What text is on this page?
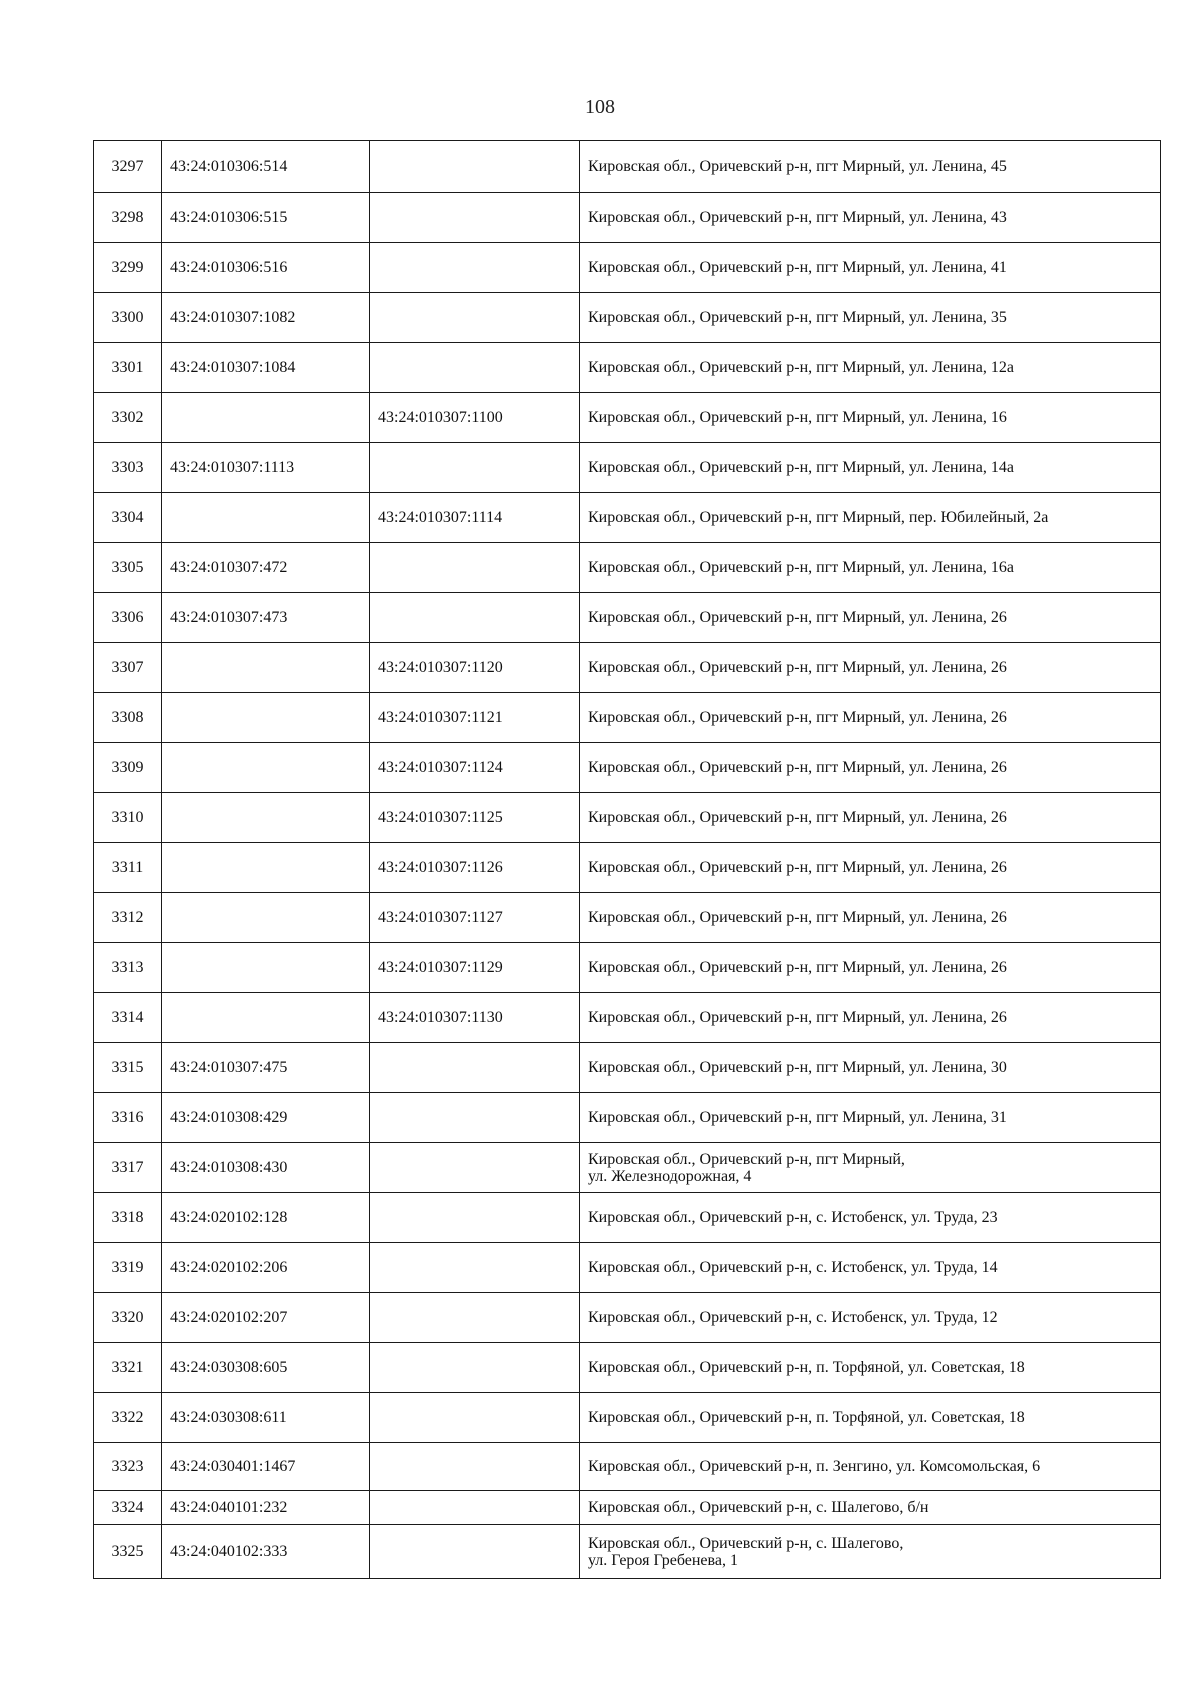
108
3297	43:24:010306:514		Кировская обл., Оричевский р-н, пгт Мирный, ул. Ленина, 45
3298	43:24:010306:515		Кировская обл., Оричевский р-н, пгт Мирный, ул. Ленина, 43
3299	43:24:010306:516		Кировская обл., Оричевский р-н, пгт Мирный, ул. Ленина, 41
3300	43:24:010307:1082		Кировская обл., Оричевский р-н, пгт Мирный, ул. Ленина, 35
3301	43:24:010307:1084		Кировская обл., Оричевский р-н, пгт Мирный, ул. Ленина, 12а
3302		43:24:010307:1100	Кировская обл., Оричевский р-н, пгт Мирный, ул. Ленина, 16
3303	43:24:010307:1113		Кировская обл., Оричевский р-н, пгт Мирный, ул. Ленина, 14а
3304		43:24:010307:1114	Кировская обл., Оричевский р-н, пгт Мирный, пер. Юбилейный, 2а
3305	43:24:010307:472		Кировская обл., Оричевский р-н, пгт Мирный, ул. Ленина, 16а
3306	43:24:010307:473		Кировская обл., Оричевский р-н, пгт Мирный, ул. Ленина, 26
3307		43:24:010307:1120	Кировская обл., Оричевский р-н, пгт Мирный, ул. Ленина, 26
3308		43:24:010307:1121	Кировская обл., Оричевский р-н, пгт Мирный, ул. Ленина, 26
3309		43:24:010307:1124	Кировская обл., Оричевский р-н, пгт Мирный, ул. Ленина, 26
3310		43:24:010307:1125	Кировская обл., Оричевский р-н, пгт Мирный, ул. Ленина, 26
3311		43:24:010307:1126	Кировская обл., Оричевский р-н, пгт Мирный, ул. Ленина, 26
3312		43:24:010307:1127	Кировская обл., Оричевский р-н, пгт Мирный, ул. Ленина, 26
3313		43:24:010307:1129	Кировская обл., Оричевский р-н, пгт Мирный, ул. Ленина, 26
3314		43:24:010307:1130	Кировская обл., Оричевский р-н, пгт Мирный, ул. Ленина, 26
3315	43:24:010307:475		Кировская обл., Оричевский р-н, пгт Мирный, ул. Ленина, 30
3316	43:24:010308:429		Кировская обл., Оричевский р-н, пгт Мирный, ул. Ленина, 31
3317	43:24:010308:430		Кировская обл., Оричевский р-н, пгт Мирный,
ул. Железнодорожная, 4

3318	43:24:020102:128		Кировская обл., Оричевский р-н, с. Истобенск, ул. Труда, 23
3319	43:24:020102:206		Кировская обл., Оричевский р-н, с. Истобенск, ул. Труда, 14
3320	43:24:020102:207		Кировская обл., Оричевский р-н, с. Истобенск, ул. Труда, 12
3321	43:24:030308:605		Кировская обл., Оричевский р-н, п. Торфяной, ул. Советская, 18
3322	43:24:030308:611		Кировская обл., Оричевский р-н, п. Торфяной, ул. Советская, 18
3323	43:24:030401:1467		Кировская обл., Оричевский р-н, п. Зенгино, ул. Комсомольская, 6
3324	43:24:040101:232		Кировская обл., Оричевский р-н, с. Шалегово, б/н
3325	43:24:040102:333		Кировская обл., Оричевский р-н, с. Шалегово,
ул. Героя Гребенева, 1
